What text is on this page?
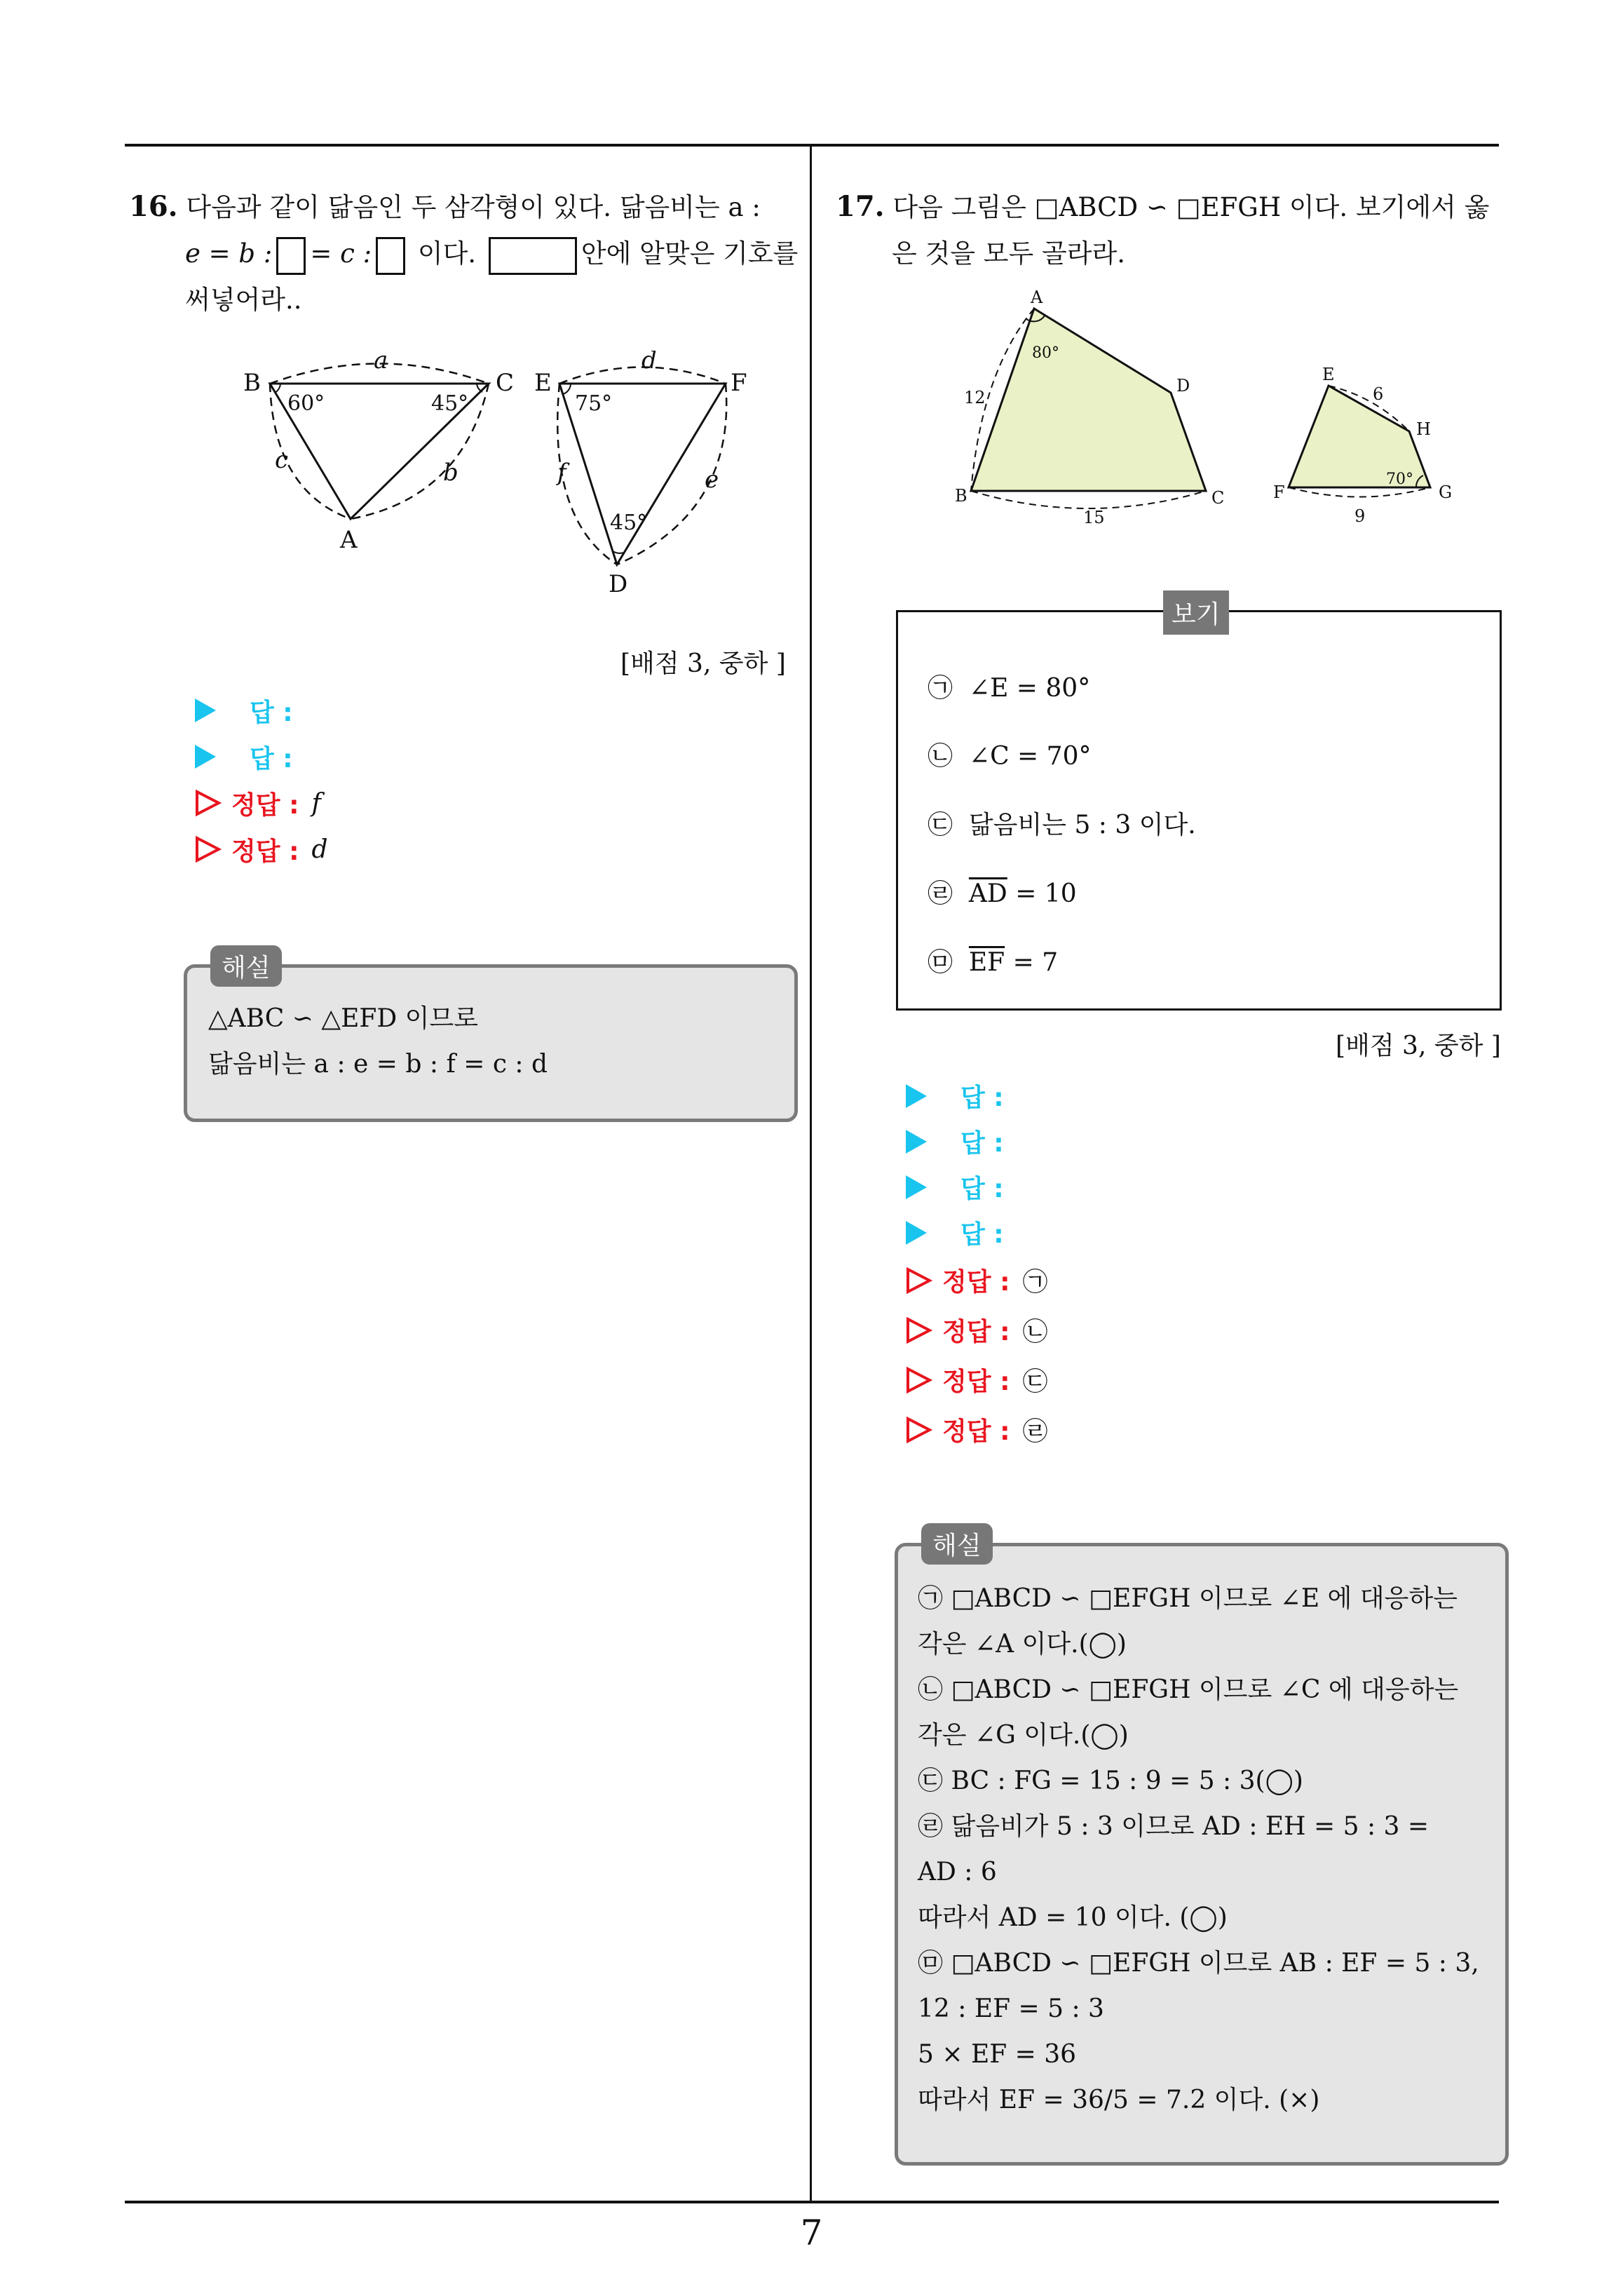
7
16. 다음과 같이 닮음인 두 삼각형이 있다. 닮음비는 a :
e = b : = c : 이다.	안에 알맞은 기호를
써넣어라..
B	C
A
a
b
c
60°	45°
E	F
D
d
e
f
75°
45°
[배점 3, 중하 ]
답 :
답 :
정답 : f
정답 : d
△ABC ∽ △EFD 이므로
닮음비는 a : e = b : f = c : d
해설
17. 다음 그림은 □ABCD ∽ □EFGH 이다. 보기에서 옳
은 것을 모두 골라라.
A
B	C
D
80°
12
15
E
F	G
H
70°
6
9
㉠ ∠E = 80°
㉡ ∠C = 70°
㉢ 닮음비는 5 : 3 이다.
㉣ $\overline{AD} = 10$
㉤ $\overline{EF} = 7$
보기
[배점 3, 중하 ]
답 :
답 :
답 :
답 :
정답 : ㉠
정답 : ㉡
정답 : ㉢
정답 : ㉣
㉠ □ABCD ∽ □EFGH 이므로 ∠E 에 대응하는
각은 ∠A 이다.(◯)
㉡ □ABCD ∽ □EFGH 이므로 ∠C 에 대응하는
각은 ∠G 이다.(◯)
㉢ BC : FG = 15 : 9 = 5 : 3(◯)
㉣ 닮음비가 5 : 3 이므로 AD : EH = 5 : 3 =
AD : 6
따라서 AD = 10 이다. (◯)
㉤ □ABCD ∽ □EFGH 이므로 AB : EF = 5 : 3,
12 : EF = 5 : 3
5 × EF = 36
따라서 EF = 36/5 = 7.2 이다. (×)
해설
